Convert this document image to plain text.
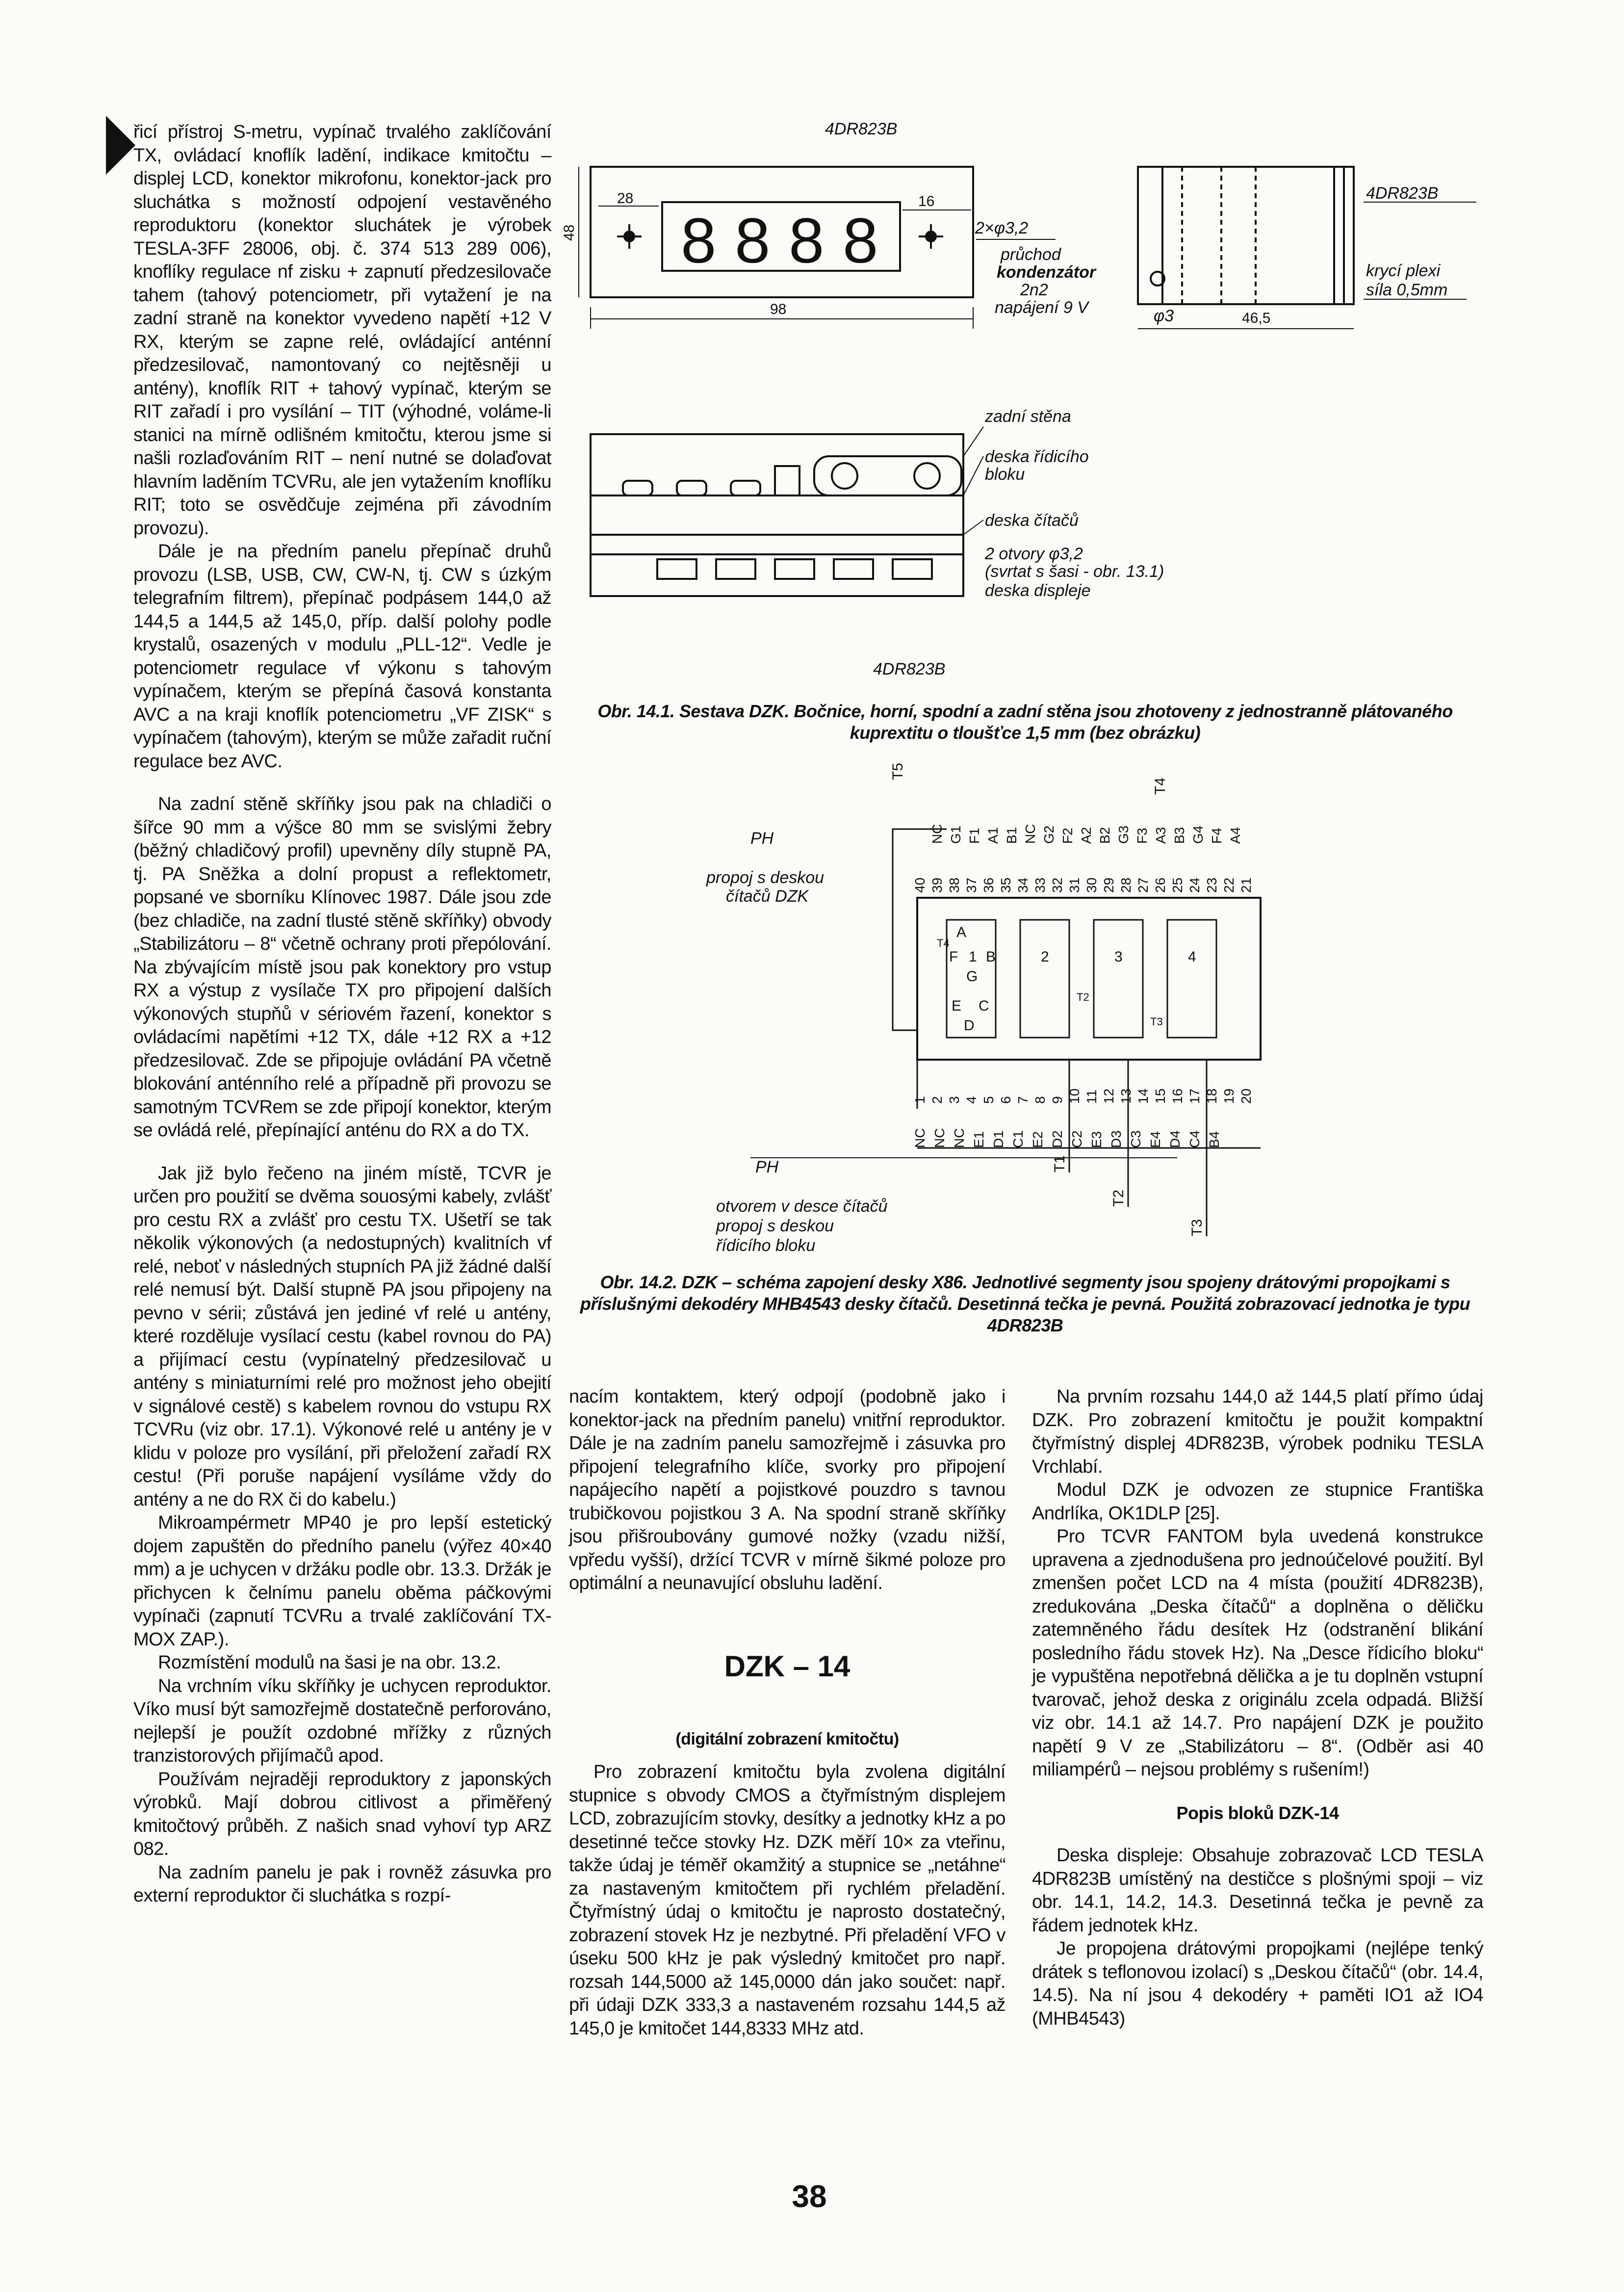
řicí přístroj S-metru, vypínač trvalého zaklíčování TX, ovládací knoflík ladění, indikace kmitočtu – displej LCD, konektor mikrofonu, konektor-jack pro sluchátka s možností odpojení vestavěného reproduktoru (konektor sluchátek je výrobek TESLA-3FF 28006, obj. č. 374 513 289 006), knoflíky regulace nf zisku + zapnutí předzesilovače tahem (tahový potenciometr, při vytažení je na zadní straně na konektor vyvedeno napětí +12 V RX, kterým se zapne relé, ovládající anténní předzesilovač, namontovaný co nejtěsněji u antény), knoflík RIT + tahový vypínač, kterým se RIT zařadí i pro vysílání – TIT (výhodné, voláme-li stanici na mírně odlišném kmitočtu, kterou jsme si našli rozlaďováním RIT – není nutné se dolaďovat hlavním laděním TCVRu, ale jen vytažením knoflíku RIT; toto se osvědčuje zejména při závodním provozu).

Dále je na předním panelu přepínač druhů provozu (LSB, USB, CW, CW-N, tj. CW s úzkým telegrafním filtrem), přepínač podpásem 144,0 až 144,5 a 144,5 až 145,0, příp. další polohy podle krystalů, osazených v modulu „PLL-12“. Vedle je potenciometr regulace vf výkonu s tahovým vypínačem, kterým se přepíná časová konstanta AVC a na kraji knoflík potenciometru „VF ZISK“ s vypínačem (tahovým), kterým se může zařadit ruční regulace bez AVC.

Na zadní stěně skříňky jsou pak na chladiči o šířce 90 mm a výšce 80 mm se svislými žebry (běžný chladičový profil) upevněny díly stupně PA, tj. PA Sněžka a dolní propust a reflektometr, popsané ve sborníku Klínovec 1987. Dále jsou zde (bez chladiče, na zadní tlusté stěně skříňky) obvody „Stabilizátoru – 8“ včetně ochrany proti přepólování. Na zbývajícím místě jsou pak konektory pro vstup RX a výstup z vysílače TX pro připojení dalších výkonových stupňů v sériovém řazení, konektor s ovládacími napětími +12 TX, dále +12 RX a +12 předzesilovač. Zde se připojuje ovládání PA včetně blokování anténního relé a případně při provozu se samotným TCVRem se zde připojí konektor, kterým se ovládá relé, přepínající anténu do RX a do TX.

Jak již bylo řečeno na jiném místě, TCVR je určen pro použití se dvěma souosými kabely, zvlášť pro cestu RX a zvlášť pro cestu TX. Ušetří se tak několik výkonových (a nedostupných) kvalitních vf relé, neboť v následných stupních PA již žádné další relé nemusí být. Další stupně PA jsou připojeny na pevno v sérii; zůstává jen jediné vf relé u antény, které rozděluje vysílací cestu (kabel rovnou do PA) a přijímací cestu (vypínatelný předzesilovač u antény s miniaturními relé pro možnost jeho obejití v signálové cestě) s kabelem rovnou do vstupu RX TCVRu (viz obr. 17.1). Výkonové relé u antény je v klidu v poloze pro vysílání, při přeložení zařadí RX cestu! (Při poruše napájení vysíláme vždy do antény a ne do RX či do kabelu.)

Mikroampérmetr MP40 je pro lepší estetický dojem zapuštěn do předního panelu (výřez 40×40 mm) a je uchycen v držáku podle obr. 13.3. Držák je přichycen k čelnímu panelu oběma páčkovými vypínači (zapnutí TCVRu a trvalé zaklíčování TX-MOX ZAP.).

Rozmístění modulů na šasi je na obr. 13.2.

Na vrchním víku skříňky je uchycen reproduktor. Víko musí být samozřejmě dostatečně perforováno, nejlepší je použít ozdobné mřížky z různých tranzistorových přijímačů apod.

Používám nejraději reproduktory z japonských výrobků. Mají dobrou citlivost a přiměřený kmitočtový průběh. Z našich snad vyhoví typ ARZ 082.

Na zadním panelu je pak i rovněž zásuvka pro externí reproduktor či sluchátka s rozpí-

nacím kontaktem, který odpojí (podobně jako i konektor-jack na předním panelu) vnitřní reproduktor. Dále je na zadním panelu samozřejmě i zásuvka pro připojení telegrafního klíče, svorky pro připojení napájecího napětí a pojistkové pouzdro s tavnou trubičkovou pojistkou 3 A. Na spodní straně skříňky jsou přišroubovány gumové nožky (vzadu nižší, vpředu vyšší), držící TCVR v mírně šikmé poloze pro optimální a neunavující obsluhu ladění.

DZK – 14

(digitální zobrazení kmitočtu)

Pro zobrazení kmitočtu byla zvolena digitální stupnice s obvody CMOS a čtyřmístným displejem LCD, zobrazujícím stovky, desítky a jednotky kHz a po desetinné tečce stovky Hz. DZK měří 10× za vteřinu, takže údaj je téměř okamžitý a stupnice se „netáhne“ za nastaveným kmitočtem při rychlém přeladění. Čtyřmístný údaj o kmitočtu je naprosto dostatečný, zobrazení stovek Hz je nezbytné. Při přeladění VFO v úseku 500 kHz je pak výsledný kmitočet pro např. rozsah 144,5000 až 145,0000 dán jako součet: např. při údaji DZK 333,3 a nastaveném rozsahu 144,5 až 145,0 je kmitočet 144,8333 MHz atd.

Na prvním rozsahu 144,0 až 144,5 platí přímo údaj DZK. Pro zobrazení kmitočtu je použit kompaktní čtyřmístný displej 4DR823B, výrobek podniku TESLA Vrchlabí.

Modul DZK je odvozen ze stupnice Františka Andrlíka, OK1DLP [25].

Pro TCVR FANTOM byla uvedená konstrukce upravena a zjednodušena pro jednoúčelové použití. Byl zmenšen počet LCD na 4 místa (použití 4DR823B), zredukována „Deska čítačů“ a doplněna o děličku zatemněného řádu desítek Hz (odstranění blikání posledního řádu stovek Hz). Na „Desce řídicího bloku“ je vypuštěna nepotřebná dělička a je tu doplněn vstupní tvarovač, jehož deska z originálu zcela odpadá. Bližší viz obr. 14.1 až 14.7. Pro napájení DZK je použito napětí 9 V ze „Stabilizátoru – 8“. (Odběr asi 40 miliampérů – nejsou problémy s rušením!)

Popis bloků DZK-14

Deska displeje: Obsahuje zobrazovač LCD TESLA 4DR823B umístěný na destičce s plošnými spoji – viz obr. 14.1, 14.2, 14.3. Desetinná tečka je pevně za řádem jednotek kHz.

Je propojena drátovými propojkami (nejlépe tenký drátek s teflonovou izolací) s „Deskou čítačů“ (obr. 14.4, 14.5). Na ní jsou 4 dekodéry + paměti IO1 až IO4 (MHB4543)

4DR823B
8 8 8 8
28	16
48
98
2×φ3,2
průchod
kondenzátor
2n2
napájení 9 V	φ3	46,5
4DR823B
krycí plexi
síla 0,5mm
zadní stěna
deska řídicího
bloku
deska čítačů
2 otvory φ3,2
(svrtat s šasi - obr. 13.1)
deska displeje
4DR823B
Obr. 14.1. Sestava DZK. Bočnice, horní, spodní a zadní stěna jsou zhotoveny z jednostranně plátovaného kuprextitu o tloušťce 1,5 mm (bez obrázku)
PH
propoj s deskou
čítačů DZK
T5
T4
NC G1 F1 A1 B1 NC G2 F2 A2 B2 G3 F3 A3 B3 G4 F4 A4
40 39 38 37 36 35 34 33 32 31 30 29 28 27 26 25 24 23 22 21
T4
A
F 1 B
G
E C
D
2
T2
3
T3
4
1 2 3 4 5 6 7 8 9 10 11 12 13 14 15 16 17 18 19 20
NC NC NC E1 D1 C1 E2 D2 C2 E3 D3 C3 E4 D4 C4 B4
T1
T2
T3
PH
otvorem v desce čítačů
propoj s deskou
řídicího bloku
Obr. 14.2. DZK – schéma zapojení desky X86. Jednotlivé segmenty jsou spojeny drátovými propojkami s příslušnými dekodéry MHB4543 desky čítačů. Desetinná tečka je pevná. Použitá zobrazovací jednotka je typu 4DR823B
38
